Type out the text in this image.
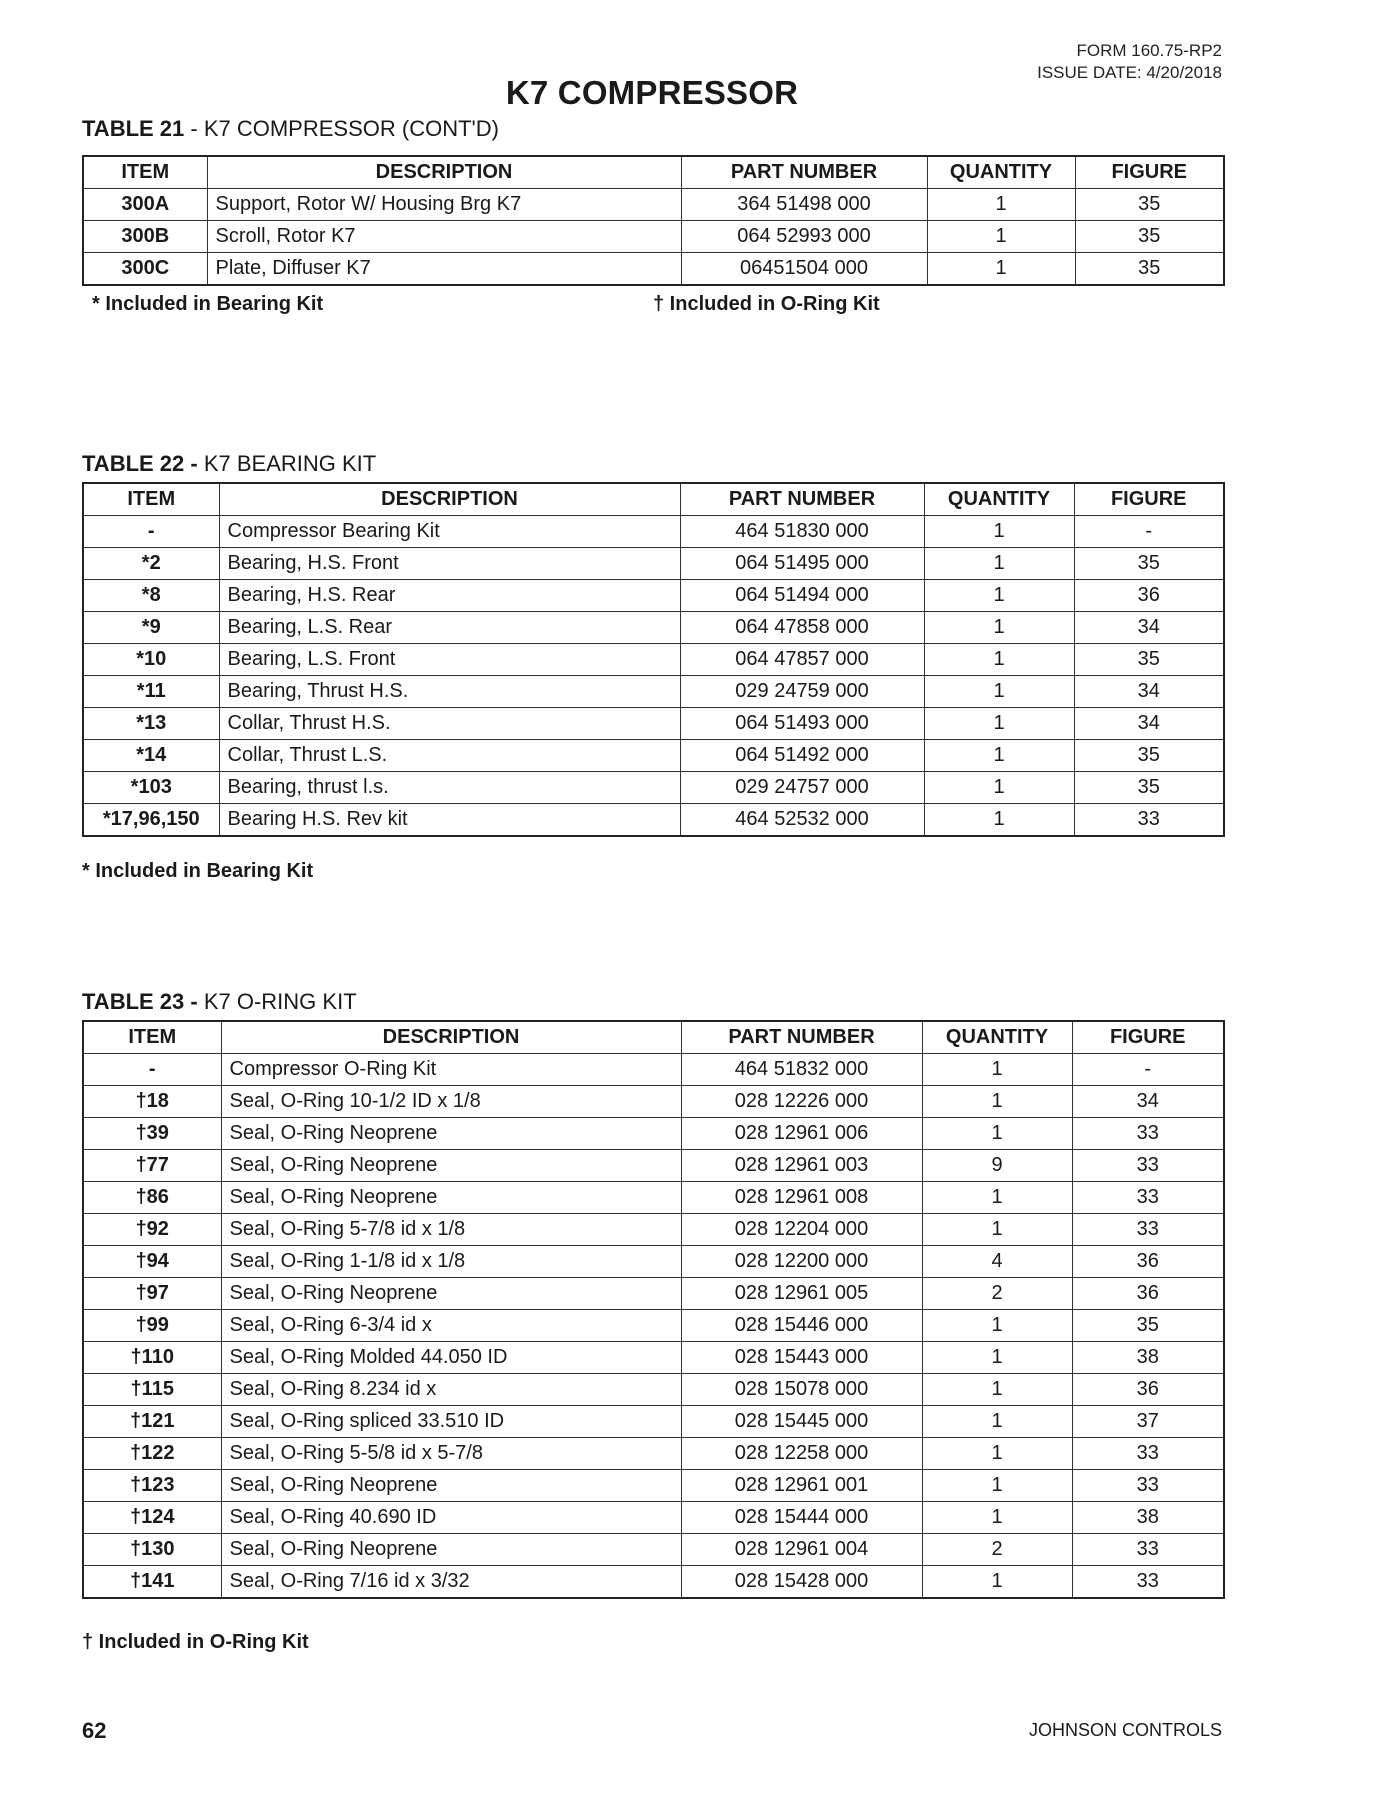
FORM 160.75-RP2
ISSUE DATE: 4/20/2018
K7 COMPRESSOR
TABLE 21 - K7 COMPRESSOR (CONT'D)
ITEM	DESCRIPTION	PART NUMBER	QUANTITY	FIGURE
300A	Support, Rotor W/ Housing Brg K7	364 51498 000	1	35
300B	Scroll, Rotor K7	064 52993 000	1	35
300C	Plate, Diffuser K7	06451504 000	1	35

* Included in Bearing Kit	† Included in O-Ring Kit

TABLE 22 - K7 BEARING KIT
ITEM	DESCRIPTION	PART NUMBER	QUANTITY	FIGURE
-	Compressor Bearing Kit	464 51830 000	1	-
*2	Bearing, H.S. Front	064 51495 000	1	35
*8	Bearing, H.S. Rear	064 51494 000	1	36
*9	Bearing, L.S. Rear	064 47858 000	1	34
*10	Bearing, L.S. Front	064 47857 000	1	35
*11	Bearing, Thrust H.S.	029 24759 000	1	34
*13	Collar, Thrust H.S.	064 51493 000	1	34
*14	Collar, Thrust L.S.	064 51492 000	1	35
*103	Bearing, thrust l.s.	029 24757 000	1	35
*17,96,150	Bearing H.S. Rev kit	464 52532 000	1	33

* Included in Bearing Kit

TABLE 23 - K7 O-RING KIT
ITEM	DESCRIPTION	PART NUMBER	QUANTITY	FIGURE
-	Compressor O-Ring Kit	464 51832 000	1	-
†18	Seal, O-Ring 10-1/2 ID x 1/8	028 12226 000	1	34
†39	Seal, O-Ring Neoprene	028 12961 006	1	33
†77	Seal, O-Ring Neoprene	028 12961 003	9	33
†86	Seal, O-Ring Neoprene	028 12961 008	1	33
†92	Seal, O-Ring 5-7/8 id x 1/8	028 12204 000	1	33
†94	Seal, O-Ring 1-1/8 id x 1/8	028 12200 000	4	36
†97	Seal, O-Ring Neoprene	028 12961 005	2	36
†99	Seal, O-Ring 6-3/4 id x	028 15446 000	1	35
†110	Seal, O-Ring Molded 44.050 ID	028 15443 000	1	38
†115	Seal, O-Ring 8.234 id x	028 15078 000	1	36
†121	Seal, O-Ring spliced 33.510 ID	028 15445 000	1	37
†122	Seal, O-Ring 5-5/8 id x 5-7/8	028 12258 000	1	33
†123	Seal, O-Ring Neoprene	028 12961 001	1	33
†124	Seal, O-Ring 40.690 ID	028 15444 000	1	38
†130	Seal, O-Ring Neoprene	028 12961 004	2	33
†141	Seal, O-Ring 7/16 id x 3/32	028 15428 000	1	33

† Included in O-Ring Kit

62	JOHNSON CONTROLS
